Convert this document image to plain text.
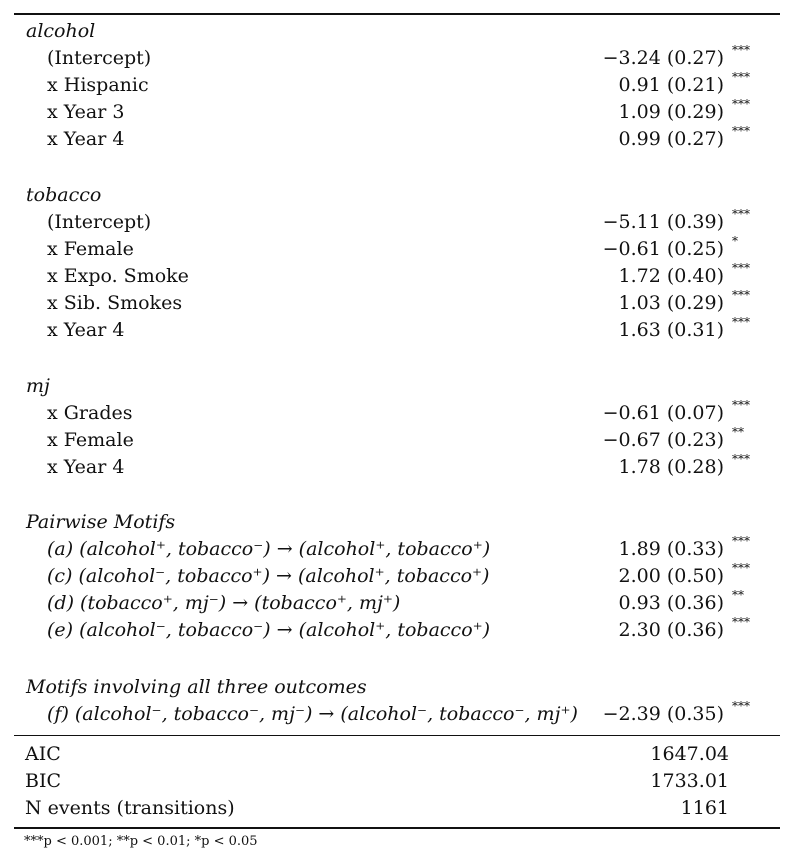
alcohol
(Intercept)	−3.24 (0.27) ***
x Hispanic	0.91 (0.21) ***
x Year 3	1.09 (0.29) ***
x Year 4	0.99 (0.27) ***
tobacco
(Intercept)	−5.11 (0.39) ***
x Female	−0.61 (0.25) *
x Expo. Smoke	1.72 (0.40) ***
x Sib. Smokes	1.03 (0.29) ***
x Year 4	1.63 (0.31) ***
mj
x Grades	−0.61 (0.07) ***
x Female	−0.67 (0.23) **
x Year 4	1.78 (0.28) ***
Pairwise Motifs
(a) (alcohol⁺, tobacco⁻) → (alcohol⁺, tobacco⁺)	1.89 (0.33) ***
(c) (alcohol⁻, tobacco⁺) → (alcohol⁺, tobacco⁺)	2.00 (0.50) ***
(d) (tobacco⁺, mj⁻) → (tobacco⁺, mj⁺)	0.93 (0.36) **
(e) (alcohol⁻, tobacco⁻) → (alcohol⁺, tobacco⁺)	2.30 (0.36) ***
Motifs involving all three outcomes
(f) (alcohol⁻, tobacco⁻, mj⁻) → (alcohol⁻, tobacco⁻, mj⁺) −2.39 (0.35) ***
AIC	1647.04
BIC	1733.01
N events (transitions)	1161
***p < 0.001; **p < 0.01; *p < 0.05
